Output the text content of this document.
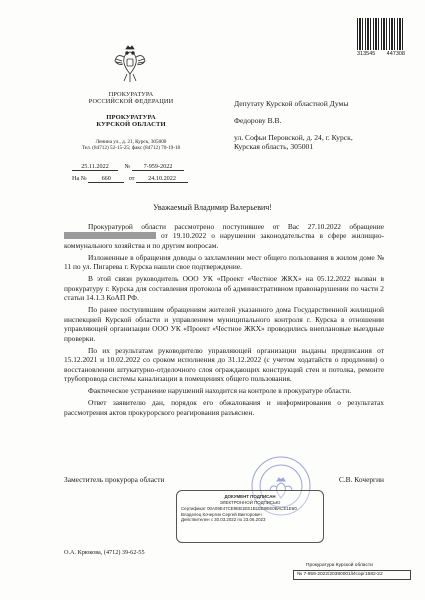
313545 447308
ПРОКУРАТУРА
РОССИЙСКОЙ ФЕДЕРАЦИИ
ПРОКУРАТУРА
КУРСКОЙ ОБЛАСТИ
Ленина ул., д. 21, Курск, 305000
Тел. (84712) 52-15-25; факс (84712) 70-19-18
25.11.2022	№ 7-959-2022
На № 660	от 24.10.2022
Депутату Курской областной Думы
Федорову В.В.
ул. Софьи Перовской, д. 24, г. Курск,
Курская область, 305001
Уважаемый Владимир Валерьевич!

Прокуратурой области рассмотрено поступившее от Вас 27.10.2022 обращение  от 19.10.2022 о нарушении законодательства в сфере жилищно-коммунального хозяйства и по другим вопросам.

Изложенные в обращения доводы о захламлении мест общего пользования в жилом доме № 11 по ул. Пигарева г. Курска нашли свое подтверждение.

В этой связи руководитель ООО УК «Проект «Честное ЖКХ» на 05.12.2022 вызван в прокуратуру г. Курска для составления протокола об административном правонарушении по части 2 статьи 14.1.3 КоАП РФ.

По ранее поступившим обращениям жителей указанного дома Государственной жилищной инспекцией Курской области и управлением муниципального контроля г. Курска в отношении управляющей организации ООО УК «Проект «Честное ЖКХ» проводились внеплановые выездные проверки.

По их результатам руководителю управляющей организации выданы предписания от 15.12.2021 и 10.02.2022 со сроком исполнения до 31.12.2022 (с учетом ходатайств о продлении) о восстановлении штукатурно-отделочного слоя ограждающих конструкций стен и потолка, ремонте трубопровода системы канализации в помещениях общего пользования.

Фактическое устранение нарушений находится на контроле в прокуратуре области.

Ответ заявителю дан, порядок его обжалования и информирования о результатах рассмотрения актов прокурорского реагирования разъяснен.

Заместитель прокурора области	С.В. Кочергин
ДОКУМЕНТ ПОДПИСАН
ЭЛЕКТРОННОЙ ПОДПИСЬЮ
Сертификат 00А09Е47СЕ9ЕВ1ЕЕ1В1ЕЕ9ЕЕ0ВАСЕ1Е60
Владелец Кочергин Сергей Викторович
Действителен с 30.03.2022 по 23.06.2023
О.А. Крюкова, (4712) 39-62-55
Прокуратура Курской области
№ 7-959-2022/20380001/Исорг1682-22
